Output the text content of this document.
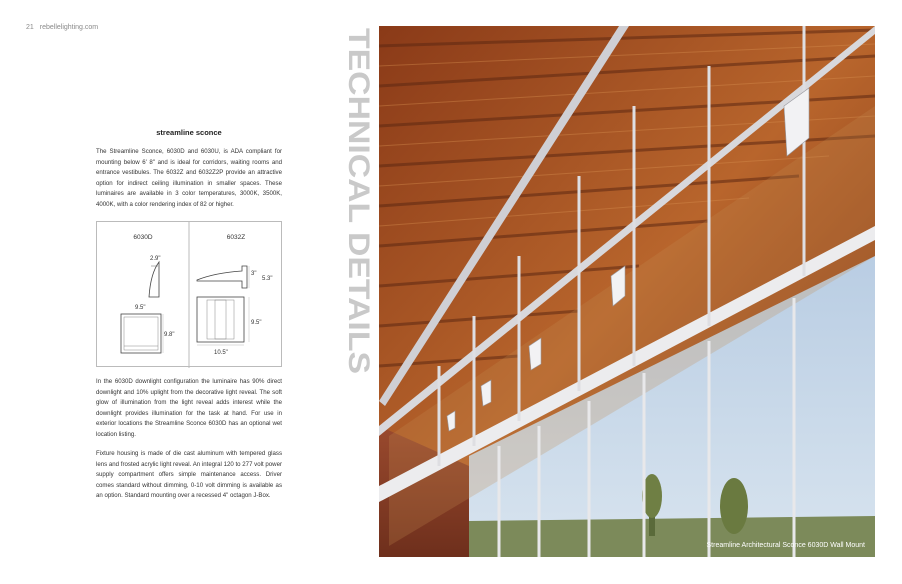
21 rebellelighting.com
streamline sconce

The Streamline Sconce, 6030D and 6030U, is ADA compliant for mounting below 6' 8" and is ideal for corridors, waiting rooms and entrance vestibules. The 6032Z and 6032Z2P provide an attractive option for indirect ceiling illumination in smaller spaces. These luminaires are available in 3 color temperatures, 3000K, 3500K, 4000K, with a color rendering index of 82 or higher.

6030D
2.9"
9.5"
9.8"
6032Z
3"
5.3"
9.5"
10.5"

In the 6030D downlight configuration the luminaire has 90% direct downlight and 10% uplight from the decorative light reveal. The soft glow of illumination from the light reveal adds interest while the downlight provides illumination for the task at hand. For use in exterior locations the Streamline Sconce 6030D has an optional wet location listing.

Fixture housing is made of die cast aluminum with tempered glass lens and frosted acrylic light reveal. An integral 120 to 277 volt power supply compartment offers simple maintenance access. Driver comes standard without dimming, 0-10 volt dimming is available as an option. Standard mounting over a recessed 4" octagon J-Box.

TECHNICAL DETAILS
Streamline Architectural Sconce 6030D Wall Mount
